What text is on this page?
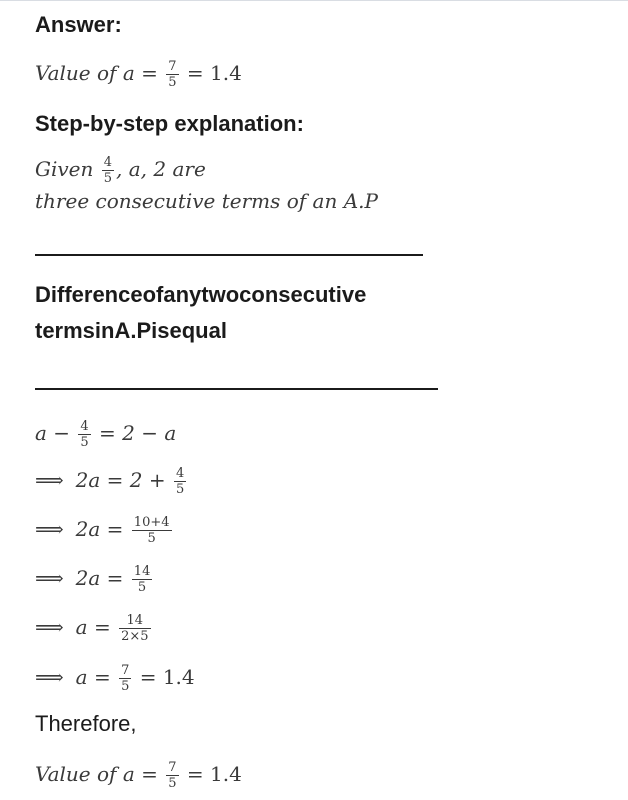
Answer:
Value of $a = \frac{7}{5} = 1.4$
Step-by-step explanation:
Given $\frac{4}{5}$ , a, 2 are
three consecutive terms of an A.P
Differenceofanytwoconsecutive
termsinA.Pisequal
$a - \frac{4}{5} = 2 - a$
⟹ $2a = 2 + \frac{4}{5}$
⟹ $2a = \frac{10+4}{5}$
⟹ $2a = \frac{14}{5}$
⟹ $a = \frac{14}{2\times 5}$
⟹ $a = \frac{7}{5} = 1.4$
Therefore,
Value of $a = \frac{7}{5} = 1.4$
